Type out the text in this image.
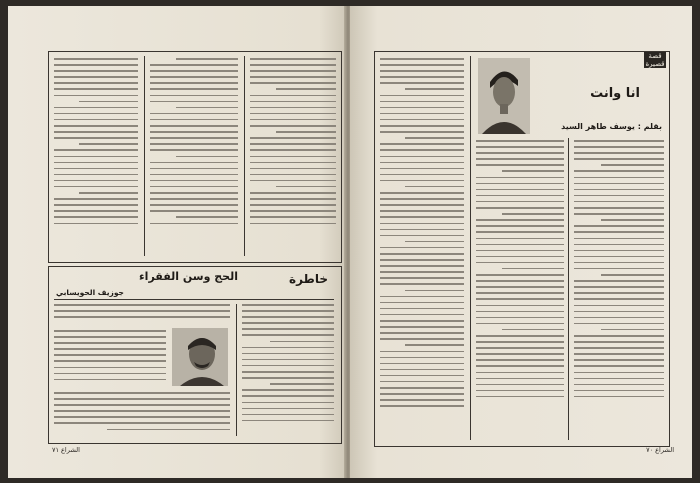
خاطرة
الحج وسن الفقراء
جوزيف الحويسابي
الشراع ٧١
قصة قصيرة
انا وانت
بقلم : يوسف طاهر السيد
الشراع ٧٠
